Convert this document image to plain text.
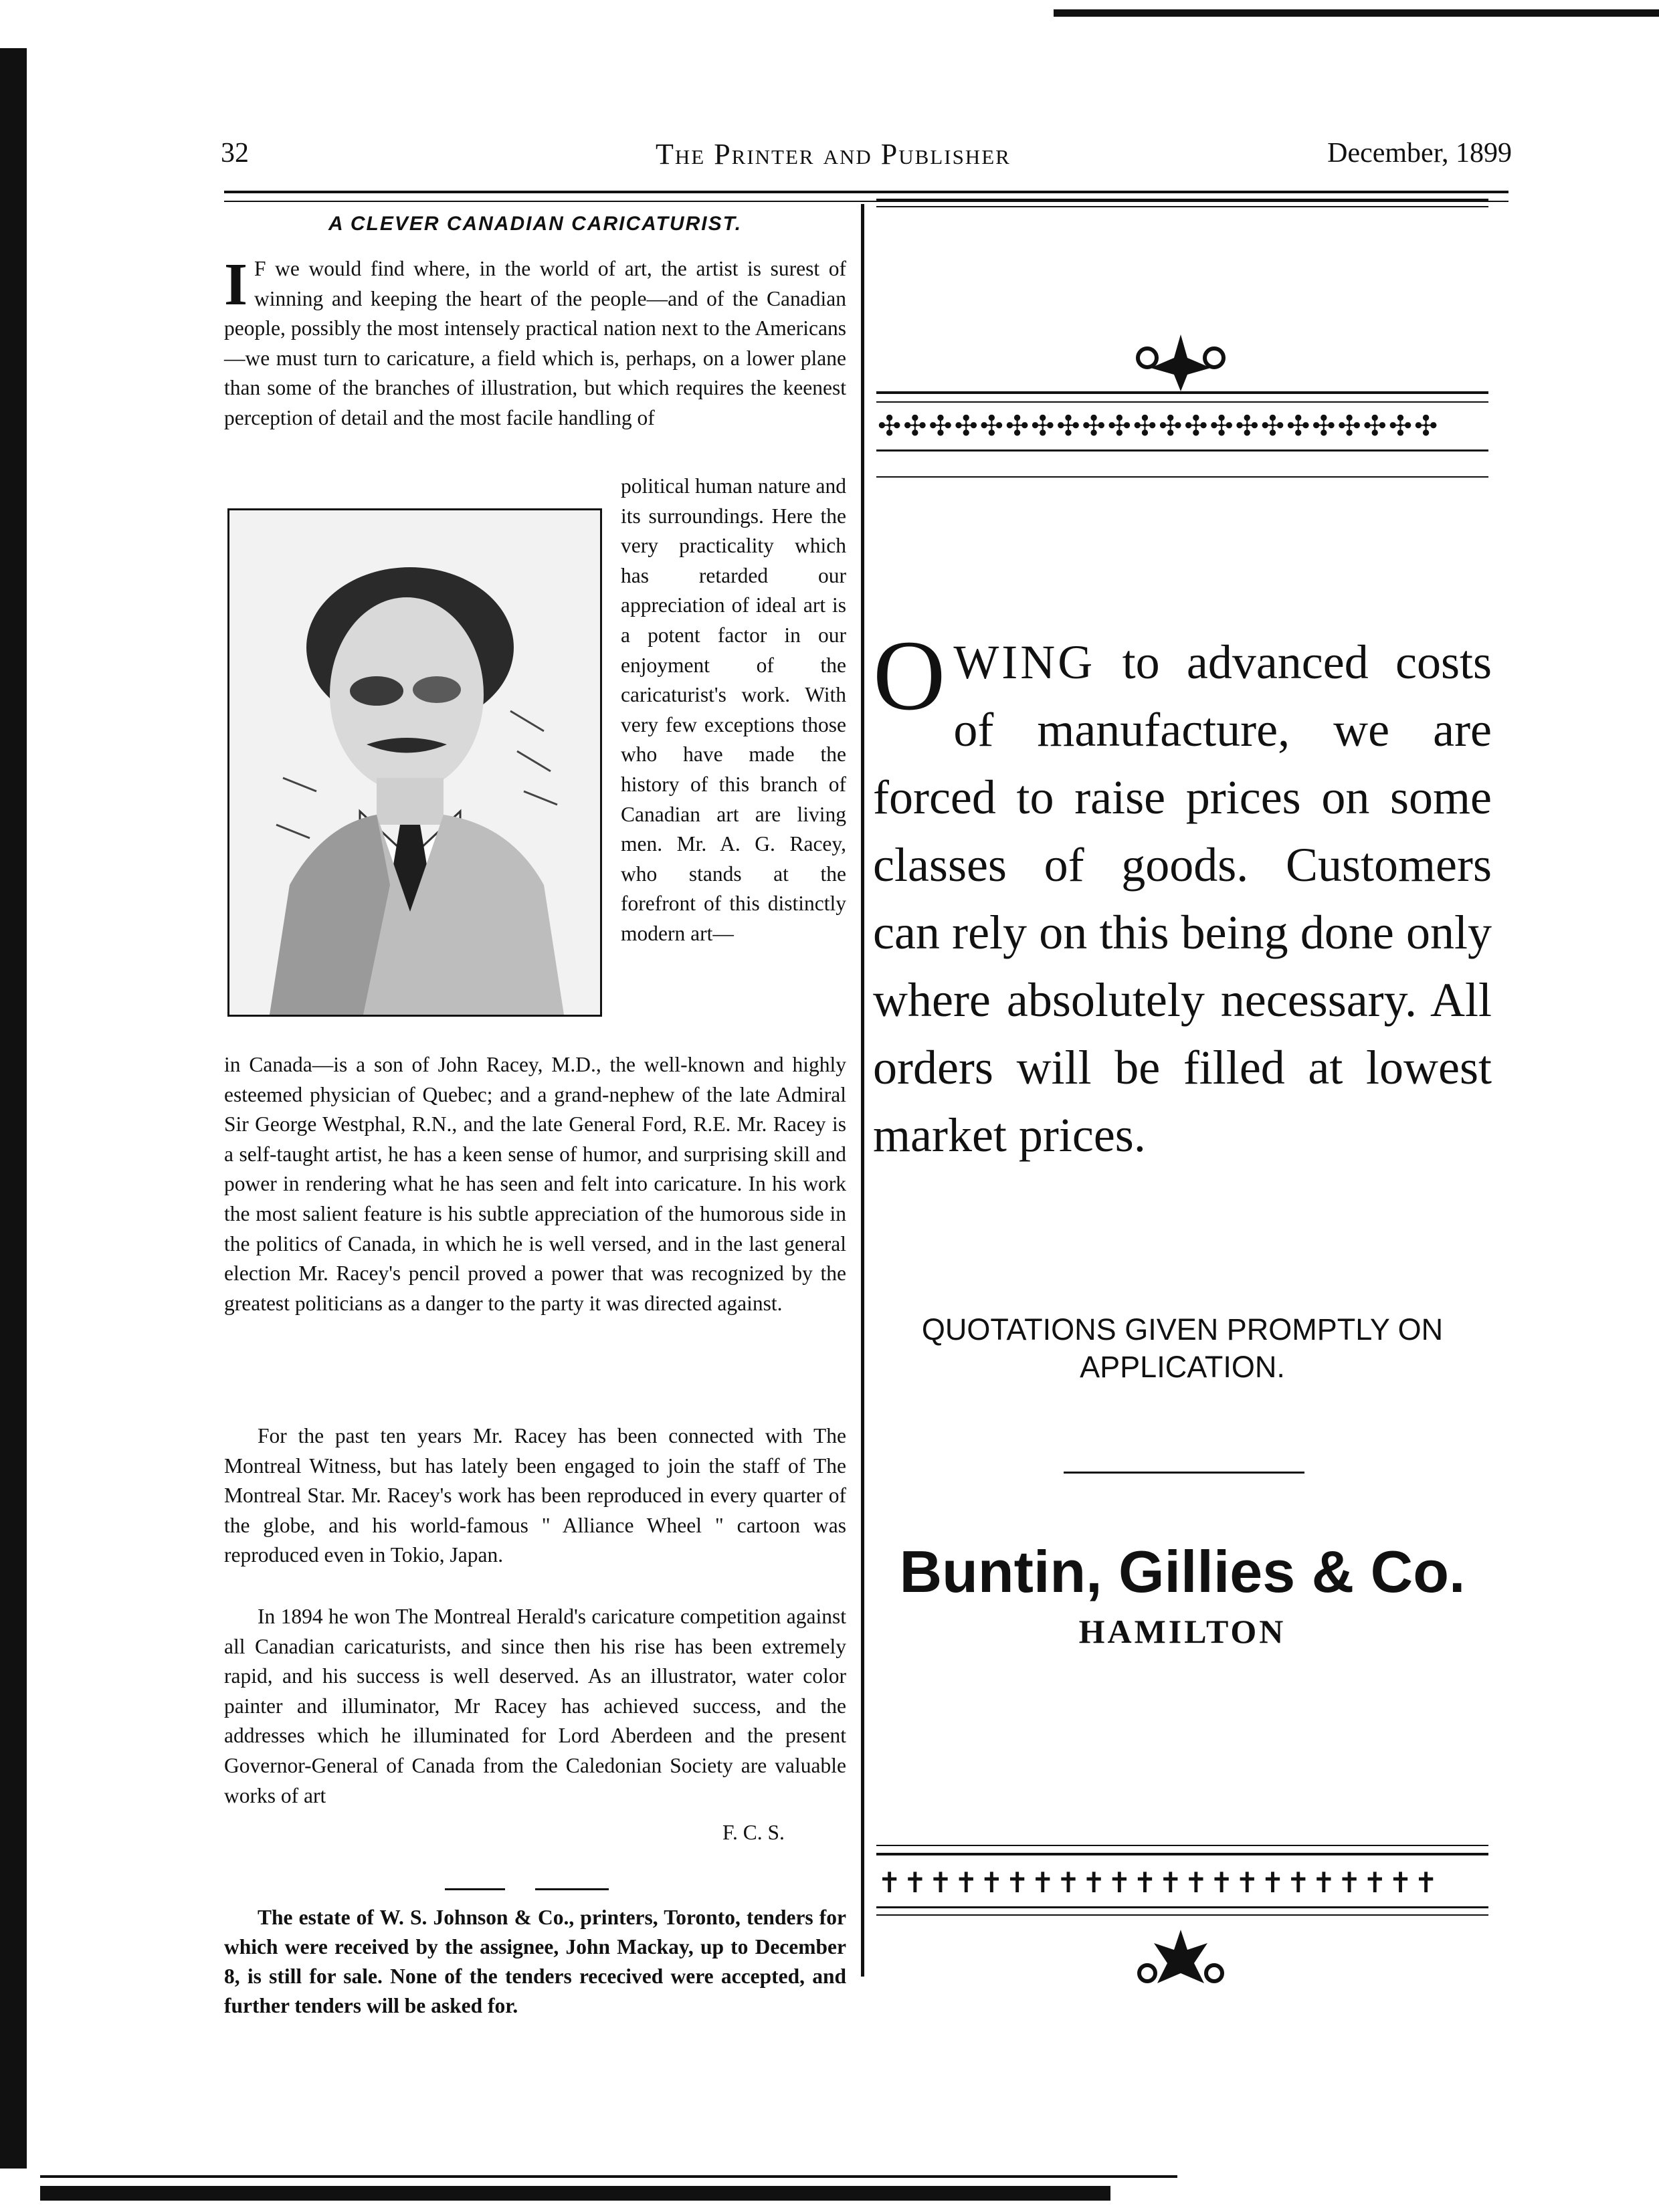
32	The Printer and Publisher	December, 1899
A CLEVER CANADIAN CARICATURIST.
I F we would find where, in the world of art, the artist is surest of winning and keeping the heart of the people—and of the Canadian people, possibly the most intensely practical nation next to the Americans—we must turn to caricature, a field which is, perhaps, on a lower plane than some of the branches of illustration, but which requires the keenest perception of detail and the most facile handling of
political human nature and its surroundings. Here the very practicality which has retarded our appreciation of ideal art is a potent factor in our enjoyment of the caricaturist's work. With very few exceptions those who have made the history of this branch of Canadian art are living men. Mr. A. G. Racey, who stands at the forefront of this distinctly modern art—
in Canada—is a son of John Racey, M.D., the well-known and highly esteemed physician of Quebec; and a grand-nephew of the late Admiral Sir George Westphal, R.N., and the late General Ford, R.E. Mr. Racey is a self-taught artist, he has a keen sense of humor, and surprising skill and power in rendering what he has seen and felt into caricature. In his work the most salient feature is his subtle appreciation of the humorous side in the politics of Canada, in which he is well versed, and in the last general election Mr. Racey's pencil proved a power that was recognized by the greatest politicians as a danger to the party it was directed against.
For the past ten years Mr. Racey has been connected with The Montreal Witness, but has lately been engaged to join the staff of The Montreal Star. Mr. Racey's work has been reproduced in every quarter of the globe, and his world-famous " Alliance Wheel " cartoon was reproduced even in Tokio, Japan.
In 1894 he won The Montreal Herald's caricature competition against all Canadian caricaturists, and since then his rise has been extremely rapid, and his success is well deserved. As an illustrator, water color painter and illuminator, Mr Racey has achieved success, and the addresses which he illuminated for Lord Aberdeen and the present Governor-General of Canada from the Caledonian Society are valuable works of art
F. C. S.
The estate of W. S. Johnson & Co., printers, Toronto, tenders for which were received by the assignee, John Mackay, up to December 8, is still for sale. None of the tenders rececived were accepted, and further tenders will be asked for.
✣✣✣✣✣✣✣✣✣✣✣✣✣✣✣✣✣✣✣✣✣✣
OWING to advanced costs of manufacture, we are forced to raise prices on some classes of goods. Customers can rely on this being done only where absolutely necessary. All orders will be filled at lowest market prices.
QUOTATIONS GIVEN PROMPTLY ON APPLICATION.
Buntin, Gillies & Co.
HAMILTON
✝✝✝✝✝✝✝✝✝✝✝✝✝✝✝✝✝✝✝✝✝✝
